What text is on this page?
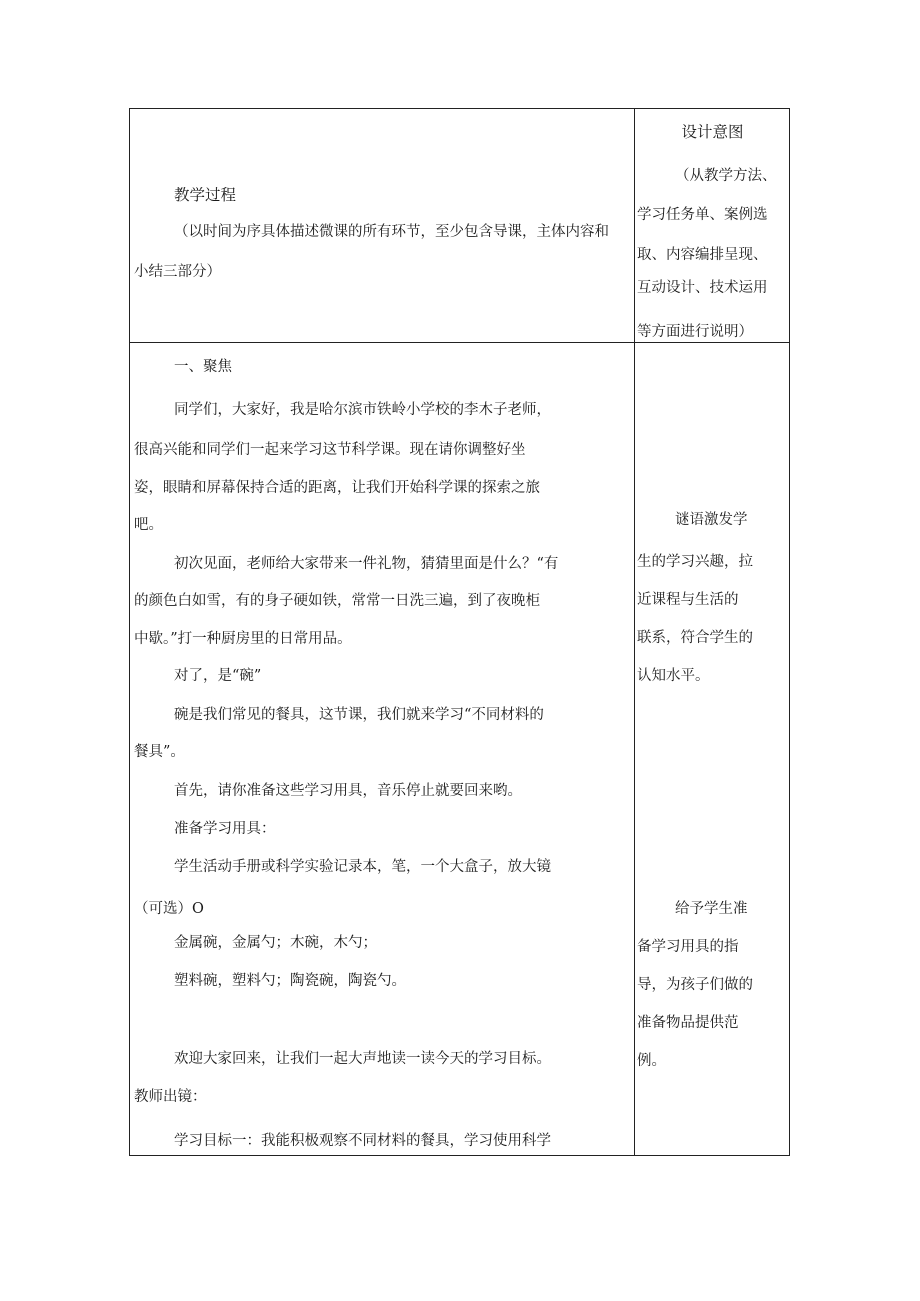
教学过程
（以时间为序具体描述微课的所有环节，至少包含导课，主体内容和
小结三部分）
设计意图
（从教学方法、
学习任务单、案例选
取、内容编排呈现、
互动设计、技术运用
等方面进行说明）
一、聚焦
同学们，大家好，我是哈尔滨市铁岭小学校的李木子老师，
很高兴能和同学们一起来学习这节科学课。现在请你调整好坐
姿，眼睛和屏幕保持合适的距离，让我们开始科学课的探索之旅
吧。
初次见面，老师给大家带来一件礼物，猜猜里面是什么？“有
的颜色白如雪，有的身子硬如铁，常常一日洗三遍，到了夜晚柜
中歇。”打一种厨房里的日常用品。
对了，是“碗”
碗是我们常见的餐具，这节课，我们就来学习“不同材料的
餐具”。
首先，请你准备这些学习用具，音乐停止就要回来哟。
准备学习用具：
学生活动手册或科学实验记录本，笔，一个大盒子，放大镜
（可选）O
金属碗，金属勺；木碗，木勺；
塑料碗，塑料勺；陶瓷碗，陶瓷勺。
欢迎大家回来，让我们一起大声地读一读今天的学习目标。
教师出镜：
学习目标一：我能积极观察不同材料的餐具，学习使用科学
谜语激发学
生的学习兴趣，拉
近课程与生活的
联系，符合学生的
认知水平。
给予学生准
备学习用具的指
导，为孩子们做的
准备物品提供范
例。
